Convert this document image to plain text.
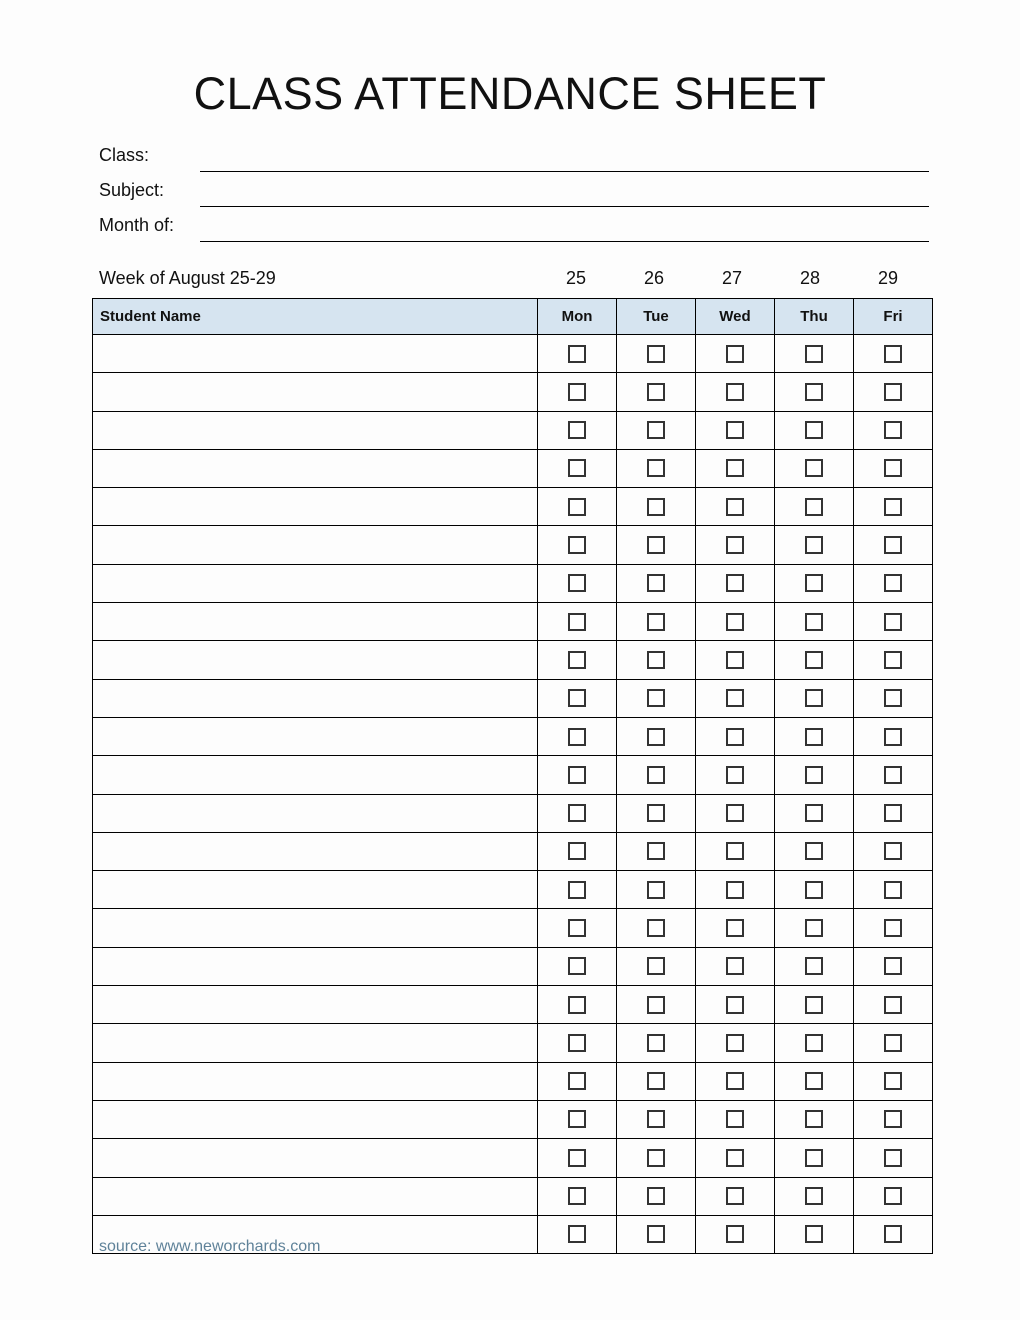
CLASS ATTENDANCE SHEET
Class:
Subject:
Month of:
Week of August 25-29	25	26	27	28	29
Student Name	Mon	Tue	Wed	Thu	Fri

source: www.neworchards.com
